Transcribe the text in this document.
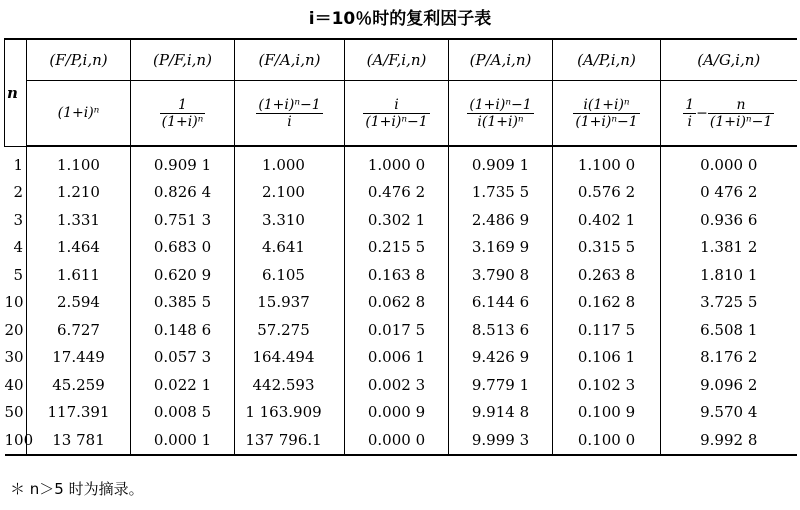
i＝10％时的复利因子表
n	(F/P,i,n)	(P/F,i,n)	(F/A,i,n)	(A/F,i,n)	(P/A,i,n)	(A/P,i,n)	(A/G,i,n)
	(1+i)ⁿ	$\frac{1}{\text{(1+i)ⁿ}}$	$\frac{\text{(1+i)ⁿ−1}}{i}$	$\frac{i}{\text{(1+i)ⁿ−1}}$	$\frac{\text{(1+i)ⁿ−1}}{\text{i(1+i)ⁿ}}$	$\frac{\text{i(1+i)ⁿ}}{\text{(1+i)ⁿ−1}}$	$\frac{1}{i} - \frac{n}{\text{(1+i)ⁿ−1}}$

1	1.100	0.909 1	1.000	1.000 0	0.909 1	1.100 0	0.000 0
2	1.210	0.826 4	2.100	0.476 2	1.735 5	0.576 2	0 476 2
3	1.331	0.751 3	3.310	0.302 1	2.486 9	0.402 1	0.936 6
4	1.464	0.683 0	4.641	0.215 5	3.169 9	0.315 5	1.381 2
5	1.611	0.620 9	6.105	0.163 8	3.790 8	0.263 8	1.810 1
10	2.594	0.385 5	15.937	0.062 8	6.144 6	0.162 8	3.725 5
20	6.727	0.148 6	57.275	0.017 5	8.513 6	0.117 5	6.508 1
30	17.449	0.057 3	164.494	0.006 1	9.426 9	0.106 1	8.176 2
40	45.259	0.022 1	442.593	0.002 3	9.779 1	0.102 3	9.096 2
50	117.391	0.008 5	1 163.909	0.000 9	9.914 8	0.100 9	9.570 4
100	13 781	0.000 1	137 796.1	0.000 0	9.999 3	0.100 0	9.992 8
＊ n＞5 时为摘录。
